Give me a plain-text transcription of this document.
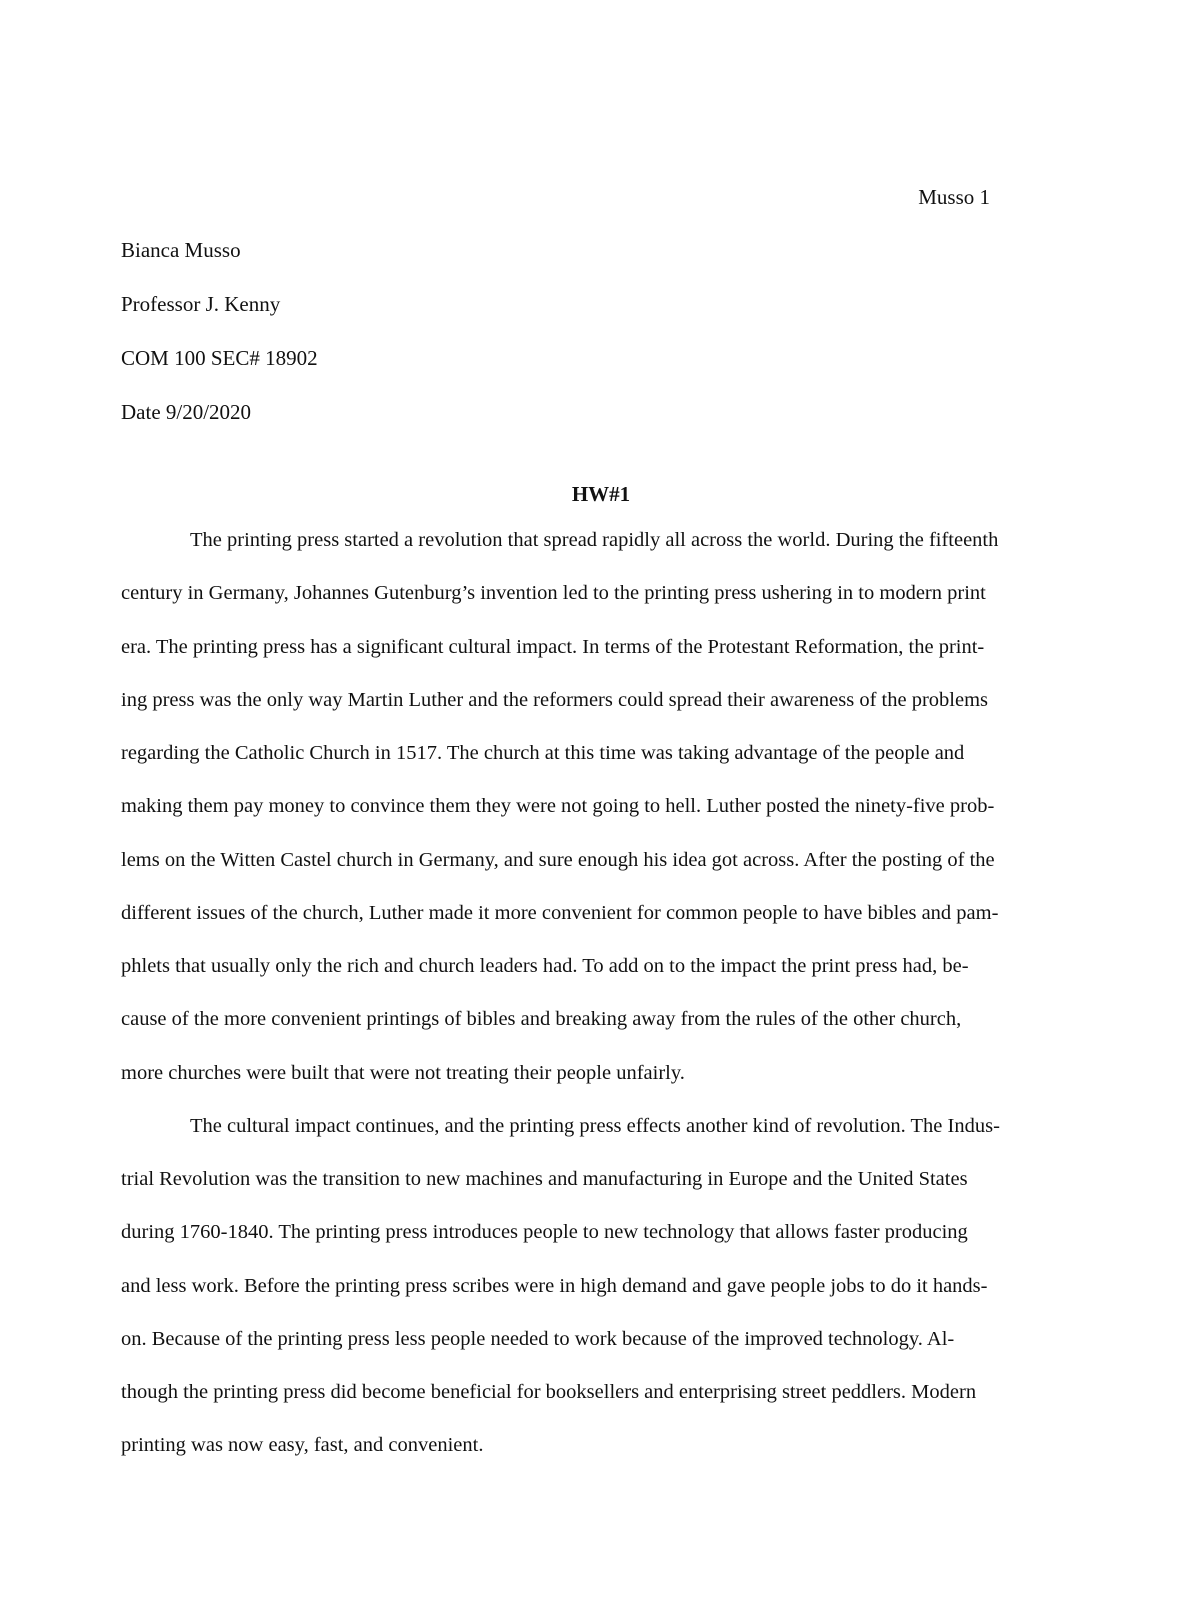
Musso 1
Bianca Musso
Professor J. Kenny
COM 100 SEC# 18902
Date 9/20/2020
HW#1
The printing press started a revolution that spread rapidly all across the world. During the fifteenth
century in Germany, Johannes Gutenburg’s invention led to the printing press ushering in to modern print
era. The printing press has a significant cultural impact. In terms of the Protestant Reformation, the print-
ing press was the only way Martin Luther and the reformers could spread their awareness of the problems
regarding the Catholic Church in 1517. The church at this time was taking advantage of the people and
making them pay money to convince them they were not going to hell. Luther posted the ninety-five prob-
lems on the Witten Castel church in Germany, and sure enough his idea got across. After the posting of the
different issues of the church, Luther made it more convenient for common people to have bibles and pam-
phlets that usually only the rich and church leaders had. To add on to the impact the print press had, be-
cause of the more convenient printings of bibles and breaking away from the rules of the other church,
more churches were built that were not treating their people unfairly.
The cultural impact continues, and the printing press effects another kind of revolution. The Indus-
trial Revolution was the transition to new machines and manufacturing in Europe and the United States
during 1760-1840. The printing press introduces people to new technology that allows faster producing
and less work. Before the printing press scribes were in high demand and gave people jobs to do it hands-
on. Because of the printing press less people needed to work because of the improved technology. Al-
though the printing press did become beneficial for booksellers and enterprising street peddlers. Modern
printing was now easy, fast, and convenient.
